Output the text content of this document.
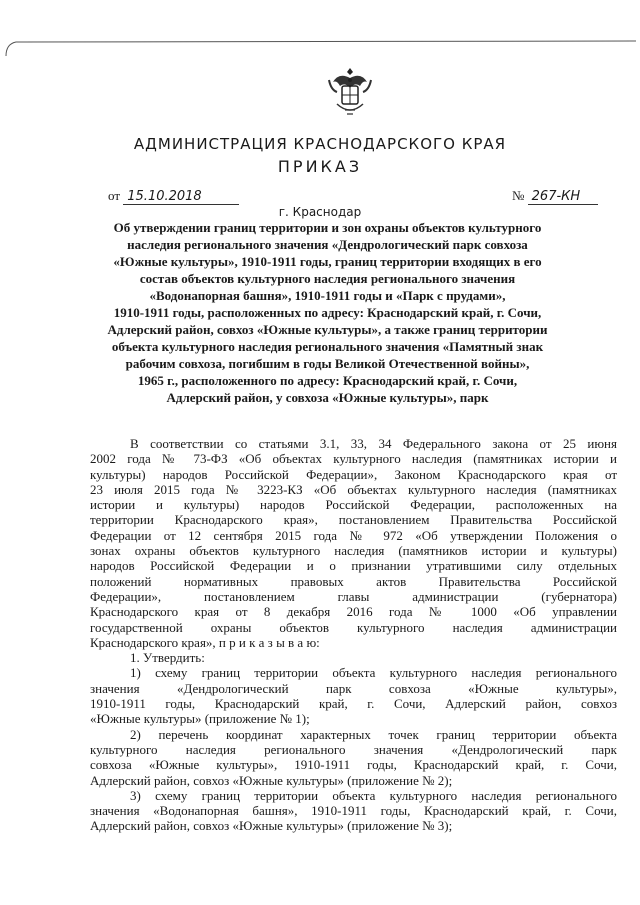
АДМИНИСТРАЦИЯ КРАСНОДАРСКОГО КРАЯ
ПРИКАЗ
от 15.10.2018	№ 267-КН
г. Краснодар
Об утверждении границ территории и зон охраны объектов культурного
наследия регионального значения «Дендрологический парк совхоза
«Южные культуры», 1910-1911 годы, границ территории входящих в его
состав объектов культурного наследия регионального значения
«Водонапорная башня», 1910-1911 годы и «Парк с прудами»,
1910-1911 годы, расположенных по адресу: Краснодарский край, г. Сочи,
Адлерский район, совхоз «Южные культуры», а также границ территории
объекта культурного наследия регионального значения «Памятный знак
рабочим совхоза, погибшим в годы Великой Отечественной войны»,
1965 г., расположенного по адресу: Краснодарский край, г. Сочи,
Адлерский район, у совхоза «Южные культуры», парк
В соответствии со статьями 3.1, 33, 34 Федерального закона от 25 июня
2002 года № 73-ФЗ «Об объектах культурного наследия (памятниках истории и
культуры) народов Российской Федерации», Законом Краснодарского края от
23 июля 2015 года № 3223-КЗ «Об объектах культурного наследия (памятниках
истории и культуры) народов Российской Федерации, расположенных на
территории Краснодарского края», постановлением Правительства Российской
Федерации от 12 сентября 2015 года № 972 «Об утверждении Положения о
зонах охраны объектов культурного наследия (памятников истории и культуры)
народов Российской Федерации и о признании утратившими силу отдельных
положений нормативных правовых актов Правительства Российской
Федерации», постановлением главы администрации (губернатора)
Краснодарского края от 8 декабря 2016 года № 1000 «Об управлении
государственной охраны объектов культурного наследия администрации
Краснодарского края», п р и к а з ы в а ю:
1. Утвердить:
1) схему границ территории объекта культурного наследия регионального
значения «Дендрологический парк совхоза «Южные культуры»,
1910-1911 годы, Краснодарский край, г. Сочи, Адлерский район, совхоз
«Южные культуры» (приложение № 1);
2) перечень координат характерных точек границ территории объекта
культурного наследия регионального значения «Дендрологический парк
совхоза «Южные культуры», 1910-1911 годы, Краснодарский край, г. Сочи,
Адлерский район, совхоз «Южные культуры» (приложение № 2);
3) схему границ территории объекта культурного наследия регионального
значения «Водонапорная башня», 1910-1911 годы, Краснодарский край, г. Сочи,
Адлерский район, совхоз «Южные культуры» (приложение № 3);
